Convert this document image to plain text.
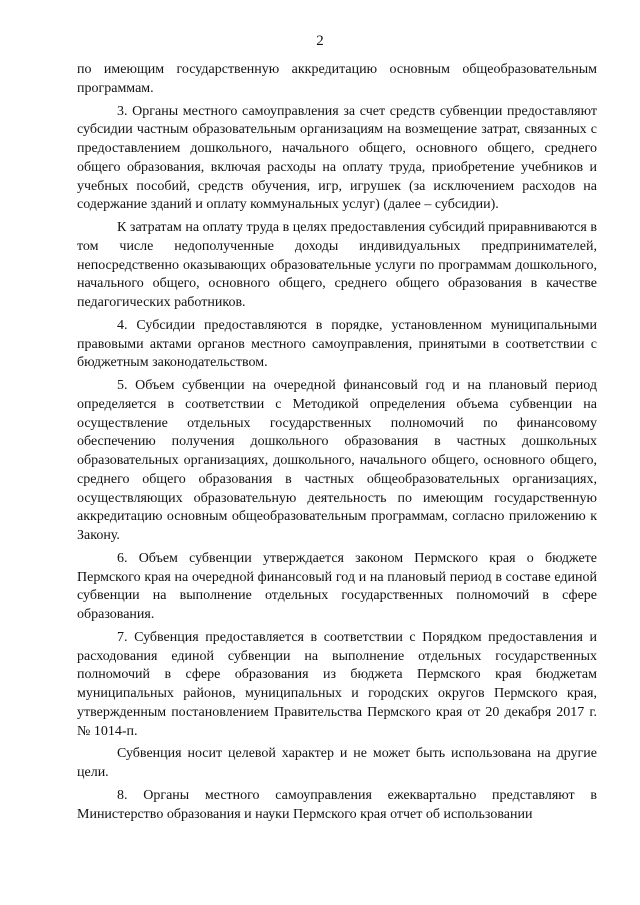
2

по имеющим государственную аккредитацию основным общеобразовательным программам.

3. Органы местного самоуправления за счет средств субвенции предоставляют субсидии частным образовательным организациям на возмещение затрат, связанных с предоставлением дошкольного, начального общего, основного общего, среднего общего образования, включая расходы на оплату труда, приобретение учебников и учебных пособий, средств обучения, игр, игрушек (за исключением расходов на содержание зданий и оплату коммунальных услуг) (далее – субсидии).

К затратам на оплату труда в целях предоставления субсидий приравниваются в том числе недополученные доходы индивидуальных предпринимателей, непосредственно оказывающих образовательные услуги по программам дошкольного, начального общего, основного общего, среднего общего образования в качестве педагогических работников.

4. Субсидии предоставляются в порядке, установленном муниципальными правовыми актами органов местного самоуправления, принятыми в соответствии с бюджетным законодательством.

5. Объем субвенции на очередной финансовый год и на плановый период определяется в соответствии с Методикой определения объема субвенции на осуществление отдельных государственных полномочий по финансовому обеспечению получения дошкольного образования в частных дошкольных образовательных организациях, дошкольного, начального общего, основного общего, среднего общего образования в частных общеобразовательных организациях, осуществляющих образовательную деятельность по имеющим государственную аккредитацию основным общеобразовательным программам, согласно приложению к Закону.

6. Объем субвенции утверждается законом Пермского края о бюджете Пермского края на очередной финансовый год и на плановый период в составе единой субвенции на выполнение отдельных государственных полномочий в сфере образования.

7. Субвенция предоставляется в соответствии с Порядком предоставления и расходования единой субвенции на выполнение отдельных государственных полномочий в сфере образования из бюджета Пермского края бюджетам муниципальных районов, муниципальных и городских округов Пермского края, утвержденным постановлением Правительства Пермского края от 20 декабря 2017 г. № 1014-п.

Субвенция носит целевой характер и не может быть использована на другие цели.

8. Органы местного самоуправления ежеквартально представляют в Министерство образования и науки Пермского края отчет об использовании
